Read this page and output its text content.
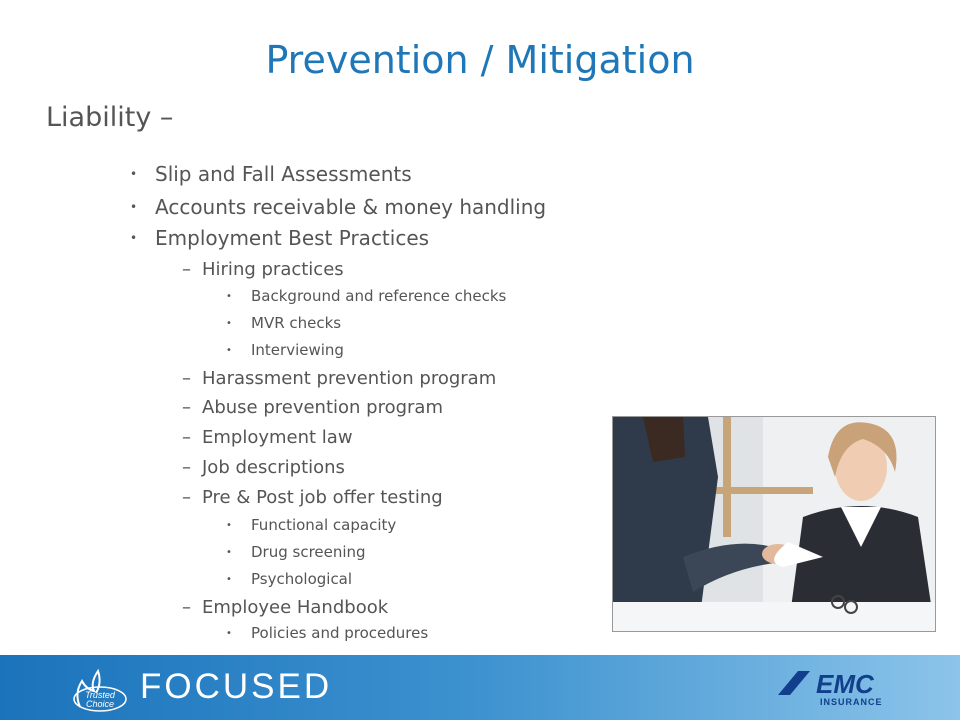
Prevention / Mitigation
Liability –
• Slip and Fall Assessments
• Accounts receivable & money handling
• Employment Best Practices
– Hiring practices
•	Background and reference checks
•	MVR checks
•	Interviewing
– Harassment prevention program
– Abuse prevention program
– Employment law
– Job descriptions
– Pre & Post job offer testing
•	Functional capacity
•	Drug screening
•	Psychological
– Employee Handbook
•	Policies and procedures
Trusted
Choice FOCUSED	EMC
INSURANCE
